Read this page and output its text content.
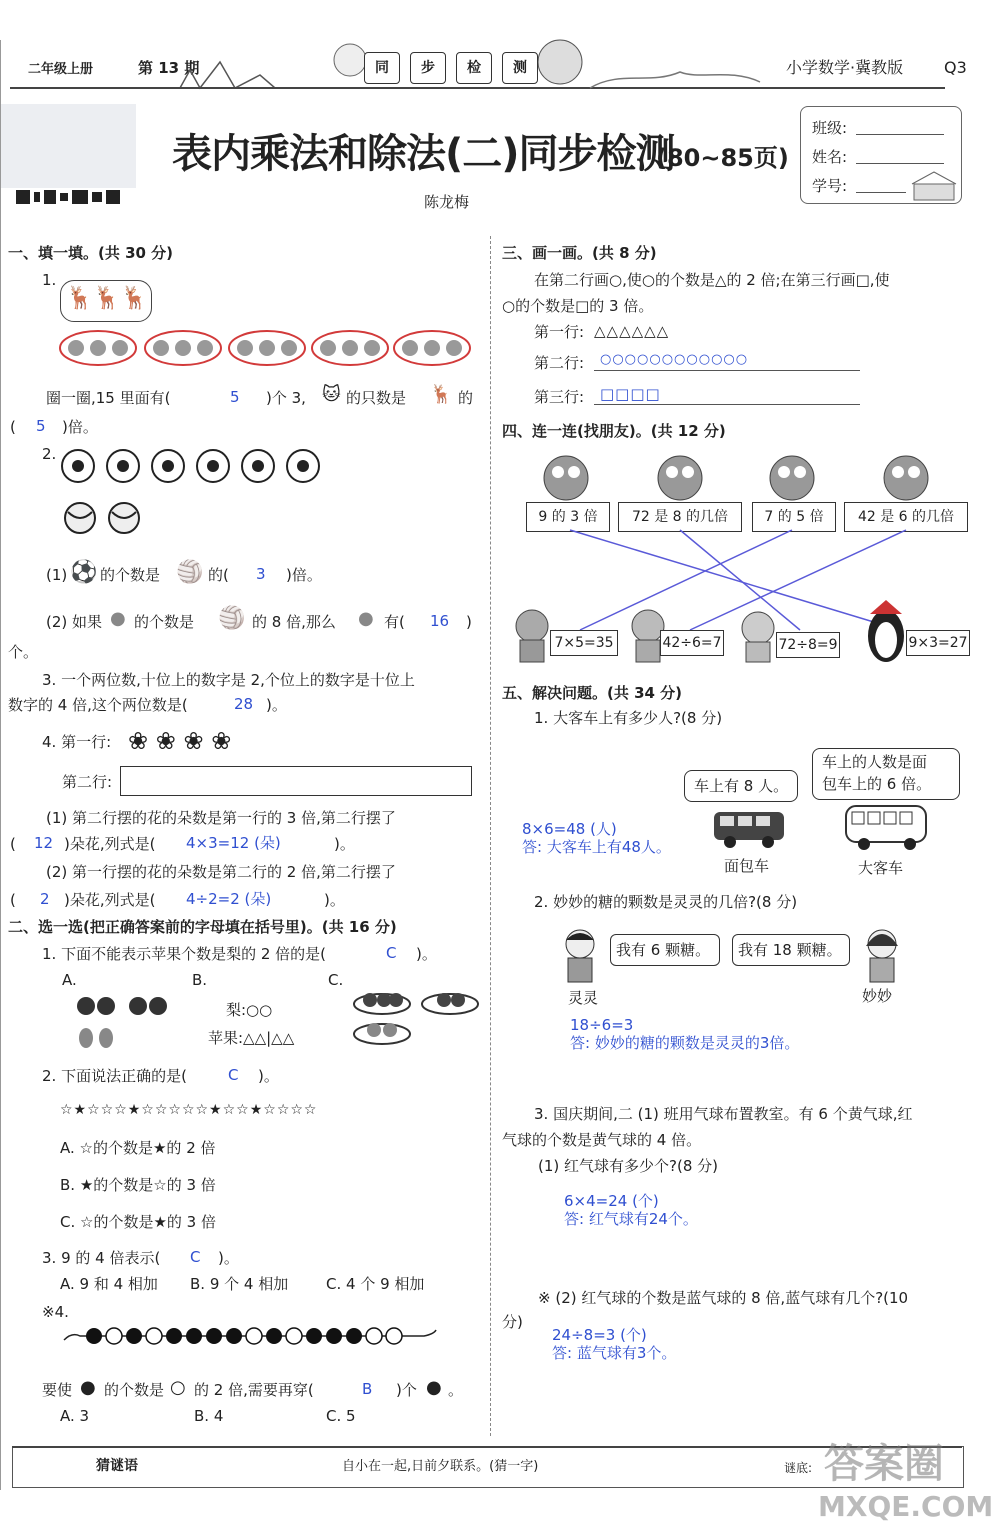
二年级上册	第 13 期	同	步	检	测	小学数学·冀教版	Q3
表内乘法和除法(二)同步检测
(80~85页)
陈龙梅
班级:
姓名:
学号:
一、填一填。(共 30 分)
1.
🦌🦌🦌
圈一圈,15 里面有(	5 )个 3, 🐱 的只数是 🦌 的
( 5 )倍。
2.
(1) ⚽ 的个数是 🏐 的( 3 )倍。
(2) 如果 ● 的个数是 🏐 的 8 倍,那么 ● 有( 16 )
个。
3. 一个两位数,十位上的数字是 2,个位上的数字是十位上
数字的 4 倍,这个两位数是(	28 )。
4. 第一行: ❀ ❀ ❀ ❀
第二行:
(1) 第二行摆的花的朵数是第一行的 3 倍,第二行摆了
( 12 )朵花,列式是( 4×3=12 (朵)	)。
(2) 第一行摆的花的朵数是第二行的 2 倍,第二行摆了
( 2 )朵花,列式是( 4÷2=2 (朵)	)。
二、选一选(把正确答案前的字母填在括号里)。(共 16 分)
1. 下面不能表示苹果个数是梨的 2 倍的是(	C )。
A.	B.	C.
梨:○○
苹果:△△|△△
2. 下面说法正确的是(	C )。
☆★☆☆☆★☆☆☆☆☆★☆☆★☆☆☆☆
A. ☆的个数是★的 2 倍
B. ★的个数是☆的 3 倍
C. ☆的个数是★的 3 倍
3. 9 的 4 倍表示( C )。
A. 9 和 4 相加 B. 9 个 4 相加	C. 4 个 9 相加
※4.
要使 ● 的个数是 ○ 的 2 倍,需要再穿(	B )个 ● 。
A. 3	B. 4	C. 5
三、画一画。(共 8 分)
在第二行画○,使○的个数是△的 2 倍;在第三行画□,使
○的个数是□的 3 倍。
第一行: △△△△△△
第二行: ○○○○○○○○○○○○
第三行: □□□□
四、连一连(找朋友)。(共 12 分)
9 的 3 倍	72 是 8 的几倍	7 的 5 倍	42 是 6 的几倍
7×5=35	42÷6=7	72÷8=9	9×3=27
五、解决问题。(共 34 分)
1. 大客车上有多少人?(8 分)
车上有 8 人。
车上的人数是面
包车上的 6 倍。
8×6=48 (人)
答: 大客车上有48人。
面包车	大客车
2. 妙妙的糖的颗数是灵灵的几倍?(8 分)
我有 6 颗糖。 我有 18 颗糖。
灵灵	妙妙
18÷6=3
答: 妙妙的糖的颗数是灵灵的3倍。
3. 国庆期间,二 (1) 班用气球布置教室。有 6 个黄气球,红
气球的个数是黄气球的 4 倍。
(1) 红气球有多少个?(8 分)
6×4=24 (个)
答: 红气球有24个。
※ (2) 红气球的个数是蓝气球的 8 倍,蓝气球有几个?(10
分)
24÷8=3 (个)
答: 蓝气球有3个。
猜谜语	自小在一起,日前夕联系。(猜一字)	谜底: 答案圈
MXQE.COM
